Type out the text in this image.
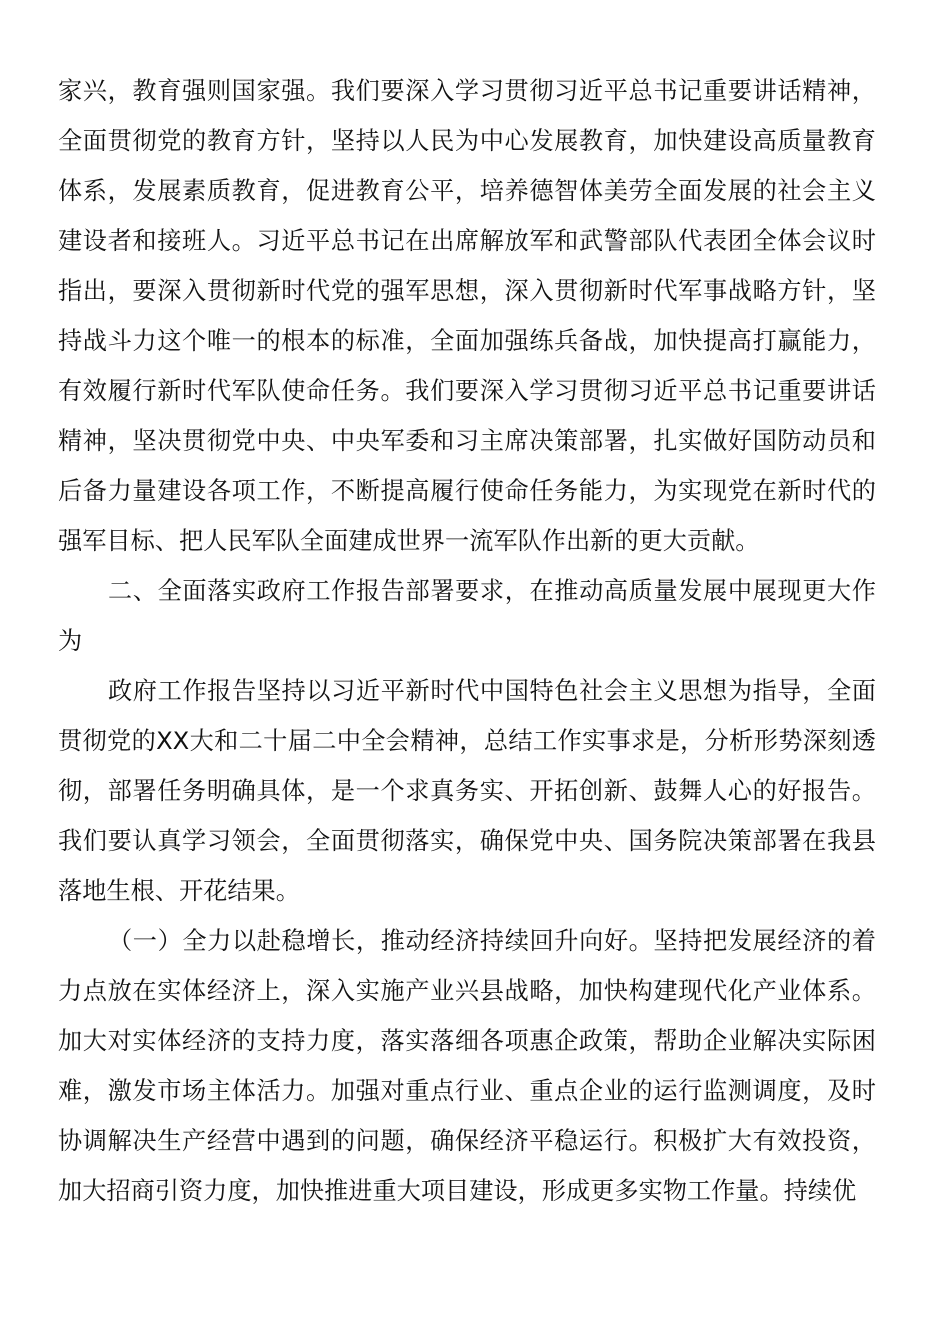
家兴，教育强则国家强。我们要深入学习贯彻习近平总书记重要讲话精神，全面贯彻党的教育方针，坚持以人民为中心发展教育，加快建设高质量教育体系，发展素质教育，促进教育公平，培养德智体美劳全面发展的社会主义建设者和接班人。习近平总书记在出席解放军和武警部队代表团全体会议时指出，要深入贯彻新时代党的强军思想，深入贯彻新时代军事战略方针，坚持战斗力这个唯一的根本的标准，全面加强练兵备战，加快提高打赢能力，有效履行新时代军队使命任务。我们要深入学习贯彻习近平总书记重要讲话精神，坚决贯彻党中央、中央军委和习主席决策部署，扎实做好国防动员和后备力量建设各项工作，不断提高履行使命任务能力，为实现党在新时代的强军目标、把人民军队全面建成世界一流军队作出新的更大贡献。

二、全面落实政府工作报告部署要求，在推动高质量发展中展现更大作为

政府工作报告坚持以习近平新时代中国特色社会主义思想为指导，全面贯彻党的XX大和二十届二中全会精神，总结工作实事求是，分析形势深刻透彻，部署任务明确具体，是一个求真务实、开拓创新、鼓舞人心的好报告。我们要认真学习领会，全面贯彻落实，确保党中央、国务院决策部署在我县落地生根、开花结果。

（一）全力以赴稳增长，推动经济持续回升向好。坚持把发展经济的着力点放在实体经济上，深入实施产业兴县战略，加快构建现代化产业体系。加大对实体经济的支持力度，落实落细各项惠企政策，帮助企业解决实际困难，激发市场主体活力。加强对重点行业、重点企业的运行监测调度，及时协调解决生产经营中遇到的问题，确保经济平稳运行。积极扩大有效投资，加大招商引资力度，加快推进重大项目建设，形成更多实物工作量。持续优
